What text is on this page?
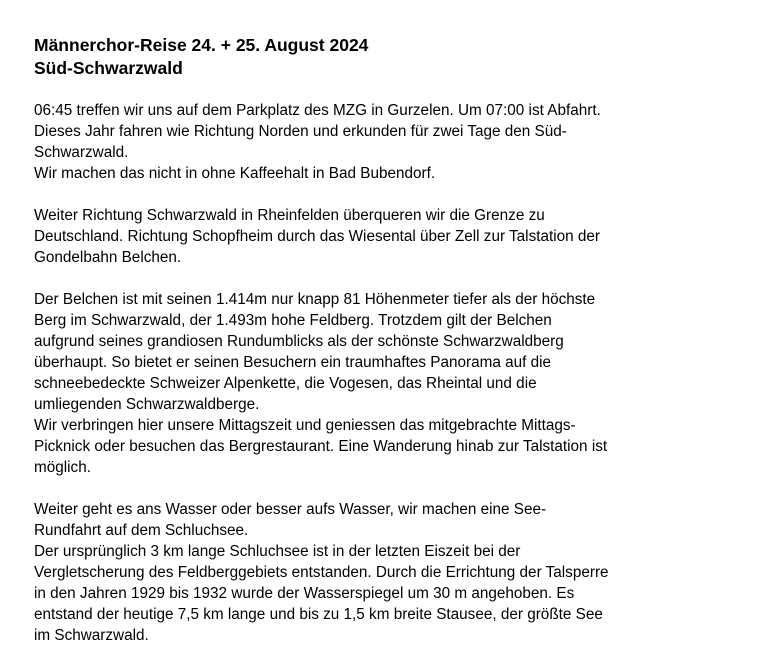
Männerchor-Reise 24. + 25. August 2024
Süd-Schwarzwald
06:45 treffen wir uns auf dem Parkplatz des MZG in Gurzelen. Um 07:00 ist Abfahrt.
Dieses Jahr fahren wie Richtung Norden und erkunden für zwei Tage den Süd-
Schwarzwald.
Wir machen das nicht in ohne Kaffeehalt in Bad Bubendorf.
Weiter Richtung Schwarzwald in Rheinfelden überqueren wir die Grenze zu
Deutschland. Richtung Schopfheim durch das Wiesental über Zell zur Talstation der
Gondelbahn Belchen.
Der Belchen ist mit seinen 1.414m nur knapp 81 Höhenmeter tiefer als der höchste
Berg im Schwarzwald, der 1.493m hohe Feldberg. Trotzdem gilt der Belchen
aufgrund seines grandiosen Rundumblicks als der schönste Schwarzwaldberg
überhaupt. So bietet er seinen Besuchern ein traumhaftes Panorama auf die
schneebedeckte Schweizer Alpenkette, die Vogesen, das Rheintal und die
umliegenden Schwarzwaldberge.
Wir verbringen hier unsere Mittagszeit und geniessen das mitgebrachte Mittags-
Picknick oder besuchen das Bergrestaurant. Eine Wanderung hinab zur Talstation ist
möglich.
Weiter geht es ans Wasser oder besser aufs Wasser, wir machen eine See-
Rundfahrt auf dem Schluchsee.
Der ursprünglich 3 km lange Schluchsee ist in der letzten Eiszeit bei der
Vergletscherung des Feldberggebiets entstanden. Durch die Errichtung der Talsperre
in den Jahren 1929 bis 1932 wurde der Wasserspiegel um 30 m angehoben. Es
entstand der heutige 7,5 km lange und bis zu 1,5 km breite Stausee, der größte See
im Schwarzwald.
